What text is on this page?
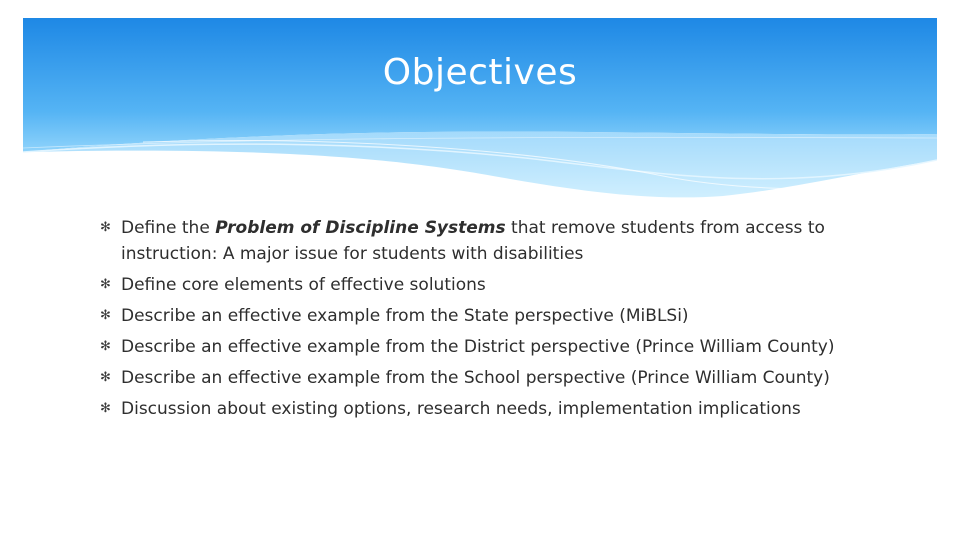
Objectives
✻ Define the Problem of Discipline Systems that remove students from access to instruction: A major issue for students with disabilities
✻ Define core elements of effective solutions
✻ Describe an effective example from the State perspective (MiBLSi)
✻ Describe an effective example from the District perspective (Prince William County)
✻ Describe an effective example from the School perspective (Prince William County)
✻ Discussion about existing options, research needs, implementation implications
